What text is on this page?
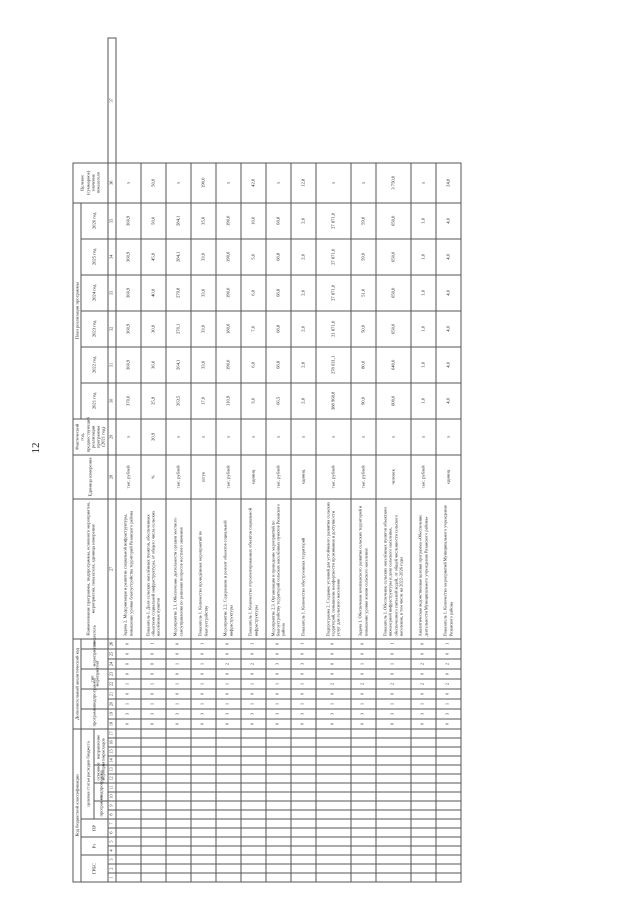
12
Код бюджетной классификации																	Дополнительный аналитический код									Наименование программы, подпрограммы, основного мероприятия, мероприятия, показателя, единица измерения	Единица измерения	Фактический год, предшествующий реализации программы (2021 год)	План реализации программы						Целевое (суммарное) значение показателя	
ГРБС			Рз		ПР		целевая статья расходов бюджета										программа		подпрограмма		тип мероприятия		мероприятие		показатель				2021 год	2022 год	2023 год	2024 год	2025 год	2026 год		
							программа		подпрограмма		основное мероприятие		направление расходов																							
1	2	3	4	5	6	7	8	9	10	11	12	13	14	15	16	17	18	19	20	21	22	23	24	25	26	27	28	29	30	31	32	33	34	35	36	37
																	0	3	1	0	1	0	0	0	0	Задача 2. Модернизация и развитие социальной инфраструктуры, повышение уровня благоустройства территорий Рязанского района	тыс. рублей	х	370,0	360,9	360,9	360,9	360,9	360,9	х	
																	0	3	1	0	1	0	0	0	1	Показатель 1. Доля сельских населённых пунктов, обеспеченных объектами социальной инфраструктуры, от общего числа сельских населённых пунктов	%	20,9	25,9	36,0	30,0	40,0	45,0	50,0	50,0	
																	0	3	1	0	1	0	1	0	0	Мероприятие 2.1. Обеспечение деятельности органов местного самоуправления по решению вопросов местного значения	тыс. рублей	х	263,5	264,1	270,1	279,8	284,1	284,1	х	
																	0	3	1	0	1	0	1	0	1	Показатель 1. Количество проведённых мероприятий по благоустройству	штук	х	17,0	33,0	33,0	33,0	33,0	35,0	190,0	
																	0	3	1	0	1	0	2	0	0	Мероприятие 2.2. Содержание и ремонт объектов социальной инфраструктуры	тыс. рублей	х	110,9	190,0	180,0	190,0	190,0	190,0	х	
																	0	3	1	0	1	0	2	0	1	Показатель 1. Количество отремонтированных объектов социальной инфраструктуры	единиц	х	3,0	6,0	7,0	6,0	5,0	10,0	42,0	
																	0	3	1	0	1	0	3	0	0	Мероприятие 2.3. Организация и проведение мероприятий по благоустройству территорий сельских населённых пунктов Рязанского района	тыс. рублей	х	66,5	68,8	68,8	68,8	68,8	68,8	х	
																	0	3	1	0	1	0	3	0	1	Показатель 1. Количество обустроенных территорий	единиц	х	2,8	2,8	2,0	2,0	2,0	2,0	12,8	
																	0	3	1	0	2	0	0	0	0	Подпрограмма 2. Создание условий для устойчивого развития сельских территорий, повышение комфортности проживания и доступности услуг для сельского населения	тыс. рублей	х	388 968,8	278 631,1	21 871,0	27 871,0	27 871,0	27 871,0	х	
																	0	3	1	0	2	0	1	0	0	Задача 1. Обеспечение комплексного развития сельских территорий и повышение уровня жизни сельского населения	тыс. рублей	х	90,0	80,0	50,0	51,0	59,0	59,0	х	
																	0	3	1	0	2	0	1	0	1	Показатель 1. Обеспечение сельских населённых пунктов объектами инженерной инфраструктуры и доля сельского населения, обеспеченного питьевой водой, от общей численности сельского населения, в том числе на 2022–2026 годы	человек	х	600,0	640,0	650,0	650,0	650,0	650,0	3 750,0	
																	0	3	1	0	2	0	2	0	0	Аналитическая ведомственная целевая программа «Обеспечение деятельности Муниципального учреждения Рязанского района»	тыс. рублей	х	1,0	1,0	1,0	1,0	1,0	1,0	х	
																	0	3	1	0	2	0	2	0	1	Показатель 1. Количество мероприятий Муниципального учреждения Рязанского района	единиц	х	4,0	4,0	4,0	4,0	4,0	4,0	24,0	
